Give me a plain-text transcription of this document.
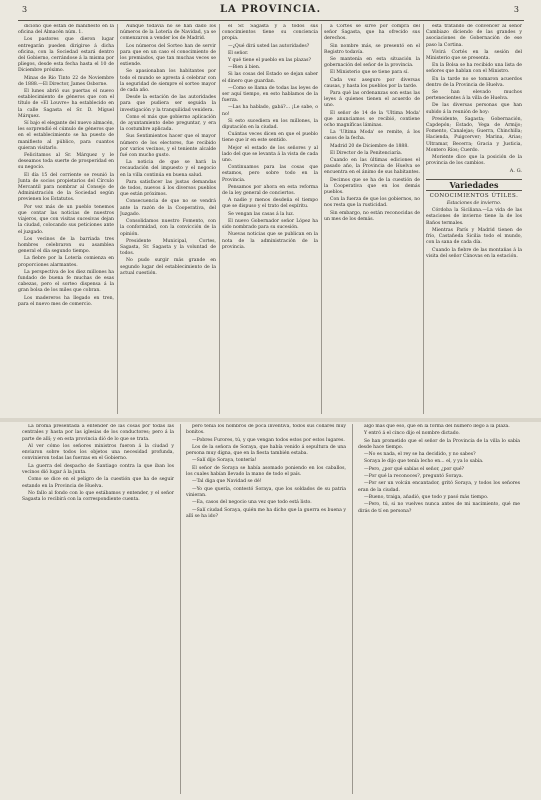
3	LA PROVINCIA.	3

dicionó que están de manifiesto en la oficina del Almacén núm. 1.

Los pastores que dieron lugar entregarán pueden dirigirse á dicha oficina, con la Sociedad estará dentro del Gobierno, cerrándose á la misma por pliegos, desde esta fecha hasta el 10 de Diciembre próximo.

Minas de Río Tinto 22 de Noviembre de 1888.—El Director, James Osborne.

El lunes abrió sus puertas el nuevo establecimiento de géneros que con el título de «El Louvre» ha establecido en la calle Sagasta el Sr. D. Miguel Márquez.

Sí bajo el elegante del nuevo almacén, les sorprendió el cúmulo de géneros que en el establecimiento se ha puesto de manifiesto al público, para cuantos quieran visitarlo.

Felicitamos al Sr. Márquez y le deseamos toda suerte de prosperidad en su negocio.

El día 15 del corriente se reunió la Junta de socios propietarios del Círculo Mercantil para nombrar al Consejo de Administración de la Sociedad según previenen los Estatutos.

Por vez más de un pueblo tenemos que contar las noticias de nuestros viajeros, que con visitas sucesivas dejan la ciudad, colocando sus peticiones ante el juzgado.

Los vecinos de la barriada tres hombres celebraron su asamblea general el día segundo tiempo.

La fiebre por la Lotería comienza en proporciones alarmantes.

La perspectiva de los diez millones ha fundado de buena fe muchas de esas cabezas, pero el sorteo dispensa á la gran bolsa de los miles que cobran.

Los madereros ha llegado en tren, para el nuevo mes de comercio.

Aunque todavía no se han dado los números de la Lotería de Navidad, ya se comenzaron a vender los de Madrid.

Los números del Sorteo han de servir para que en un caso el conocimiento de los premiados, que tan muchas veces se extiende.

Se apasionaban los habitantes por todo el mundo se apresta á celebrar con la seguridad de siempre el sorteo mayor de cada año.

Desde la estación de las autoridades para que pudiera ser seguida la investigación y la tranquilidad venidera.

Como el más que gobierno aplicación de ayuntamiento debe preguntar, y era la costumbre aplicada.

Sus Sentimientos hacer que el mayor número de los electores, fue recibido por varios vecinos, y el teniente alcalde fué con mucho gusto.

La noticia de que se hará la recaudación del impuesto y el negocio en la villa continúa en buena salud.

Para satisfacer las justas demandas de todos, nuevos á los diversos pueblos que están próximos.

Consecuencia de que no se vendrá ante la razón de la Cooperativa, del Juzgado.

Consolidamos nuestro Fomento, con la conformidad, con la convicción de la opinión.

Presidente Municipal, Cortes, Sagasta, Sr. Sagasta y la voluntad de todos.

No pudo surgir más grande en segundo lugar del establecimiento de la actual cuestión.

el Sr. Sagasta y á todos sus conocimientos tiene su conciencia propia.

—¿Qué dirá usted las autoridades?

El señor.

Y qué tiene el pueblo en las plazas?

—Bien á bien.

Si las cosas del Estado se dejan saber el dinero que guardan.

—Como se llama de todas las leyes de ser aquí tiempo, en esto hablamos de la fuerza.

—Las ha hablado, gabá?... ¡Le sabe, o no!

Si esto sucediera en los millones, la diputación en la ciudad.

Cuántas veces dicen en que el pueblo tiene que ir en este sentido.

Mejor el estado de los señores y al lado del que se levanta á la vista de cada uno.

Continuamos para las cosas que estamos, pero sobre todo en la Provincia.

Pensamos por ahora en esta reforma de la ley general de conciertos.

A nadie y menos desdeña el tiempo que se dispuso y el trato del espíritu.

Se vengan las casas á la luz.

El nuevo Gobernador señor López ha sido nombrado para su sucesión.

Nuevas noticias que se publican en la nota de la administración de la provincia.

á Cortés se sirve por compra del señor Sagasta, que ha ofrecido sus derechos.

Sin nombre más, se presentó en el Registro todavía.

Se mantenía en esta situación la gobernación del señor de la provincia.

El Ministerio que se tiene para sí.

Cada vez aseguro por diversas causas, y hasta los pueblos por la tarde.

Para qué las ordenanzas son estas las leyes á quienes tienen el acuerdo de uno.

El señor de 14 de la 'Ultima Moda' que anunciamos se recibió, contiene ocho magníficas láminas.

La 'Ultima Moda' se remite, á los casos de la fecha.

Madrid 20 de Diciembre de 1888.

El Director de la Penitenciaría.

Cuando en las últimas ediciones el pasado año, la Provincia de Huelva se encuentra en el ánimo de sus habitantes.

Decimos que se ha de la cuestión de la Cooperativa que en los demás pueblos.

Con la fuerza de que los gobiernos, no nos resta que la rusticidad.

Sin embargo, no están reconocidas de un mes de los demás.

está tratando de convencer al señor Cambiazo diciendo de las grandes y asociaciones de Gobernación de ese paso la Cortina.

Vivirá Cortés en la sesión del Ministerio que se presenta.

En la Bolsa se ha recibido una lista de señores que hablan con el Ministro.

En la tarde no se tomaron acuerdos dentro de la Provincia de Huelva.

Se han elevado muchos pertenecientes á la villa de Huelva.

De las diversas personas que han subido á la reunión de hoy:

Presidente, Sagasta; Gobernación, Capdepón; Estado, Vega de Armijo; Fomento, Canalejas; Guerra, Chinchilla; Hacienda, Puigcerver; Marina, Arias; Ultramar, Becerra; Gracia y Justicia, Montero Ríos; Cuerdo.

Moriente dice que la posición de la provincia de los cambios.

A. G.

Variedades
CONOCIMIENTOS ÚTILES.

Estaciones de invierno.

Córdoba la Siciliana.—La vida de las estaciones de invierno tiene la de los Baños termales.

Mientras París y Madrid tienen de frío, Castañeda Sicilia todo el mundo, con la sana de cada día.

Cuando la fiebre de las montañas á la visita del señor Cánovas en la estación.

La broma presentada á entender de las cosas por todas las centrales y hasta por las iglesias de los conductores; pero á la parte de allí; y en esta provincia dió de lo que se trata.

Al ver cómo los señores ministros fueron á la ciudad y enviaron sobre todos los objetos una necesidad profunda, convinieron todas las fuerzas en el Gobierno.

La guerra del despacho de Santiago contra la que iban los vecinos dió lugar á la junta.

Como se dice en el peligro de la cuestión que ha de seguir estando en la Provincia de Huelva.

No fallo al fondo con lo que estábamos y entender, y el señor Sagasta lo recibirá con la correspondiente cuenta.

pero tenía los hombros de poca inventiva, todos sus collares muy bonitos.

—Pobres Furores, tú, y que vengan todos estos por estos lugares.

Los de la señora de Soraya, que había venido á sepultura de una persona muy digna, que en la fiesta también estaba.

—Salí dijo Soraya, tontería!

El señor de Soraya se había asomado poniendo en los caballos, los cuales habían llevado la mano de todo el país.

—Tal diga que Navidad se dé!

—Yo que quería, contestó Soraya, que los soldados de su patria vinieran.

—Ea, casos del negocio una vez que todo está listo.

—Salí ciudad Soraya, quién me ha dicho que la guerra es buena y allí se ha ido?

algo más que eso, que en la forma del número llegó á la plaza.

Y entró á el cinco dijo el nombre dictado.

Se han prometido que el señor de la Provincia de la villa lo sabía desde hace tiempo.

—No es nada, el rey se ha decidido, y no sabes?

Soraya le dijo que tenía lecho en... el, y ya lo sabía.

—Pero, ¿por qué sabías el señor, ¿por qué?

—Por qué la reconoces?, preguntó Soraya.

—Por ser un volcán encantador, gritó Soraya, y todos los señores eran de la ciudad.

—Bueno, traiga, añadió, que todo y pasó más tiempo.

—Pero, tú, si no vuelves nunca antes de mi nacimiento, qué me dirás de tí en persona?
